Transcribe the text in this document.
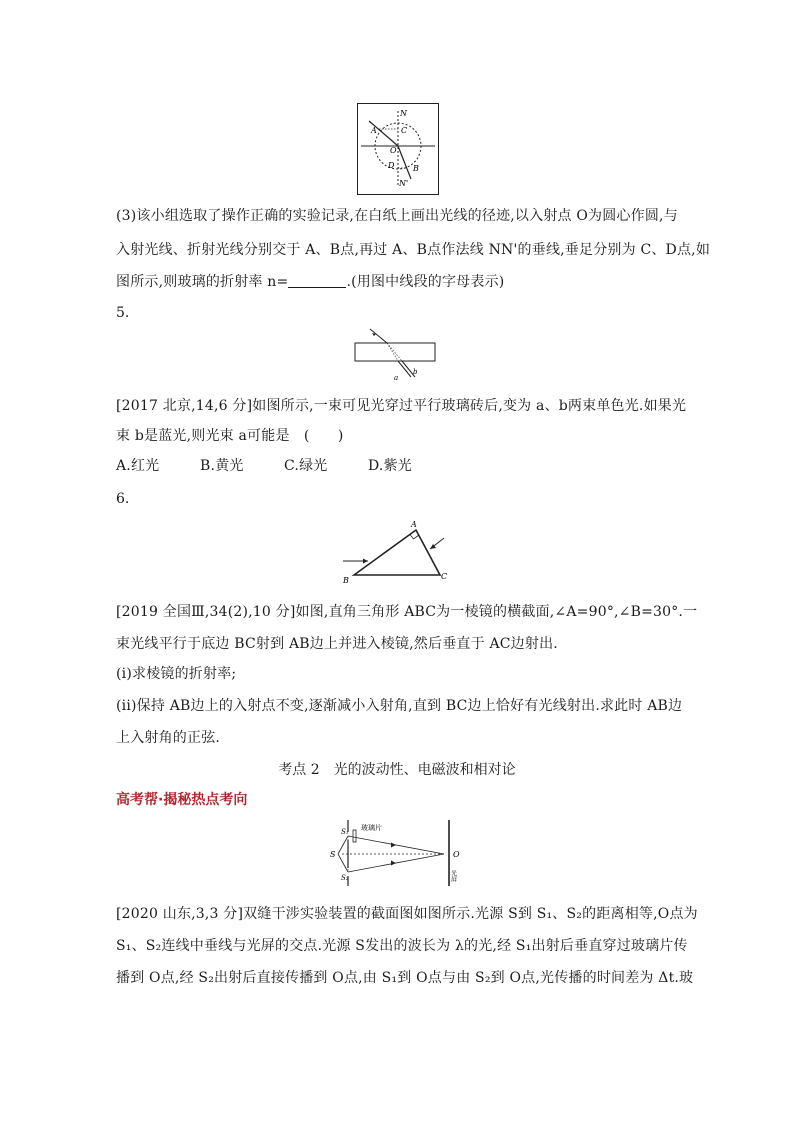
N
A	C
O
D B
N'
(3)该小组选取了操作正确的实验记录,在白纸上画出光线的径迹,以入射点 O为圆心作圆,与
入射光线、折射光线分别交于 A、B点,再过 A、B点作法线 NN'的垂线,垂足分别为 C、D点,如
图所示,则玻璃的折射率 n=	.(用图中线段的字母表示)
5.
a
b
[2017 北京,14,6 分]如图所示,一束可见光穿过平行玻璃砖后,变为 a、b两束单色光.如果光
束 b是蓝光,则光束 a可能是　(　　)
A.红光	B.黄光	C.绿光	D.紫光
6.
A
B	C
[2019 全国Ⅲ,34(2),10 分]如图,直角三角形 ABC为一棱镜的横截面,∠A=90°,∠B=30°.一
束光线平行于底边 BC射到 AB边上并进入棱镜,然后垂直于 AC边射出.
(i)求棱镜的折射率;
(ii)保持 AB边上的入射点不变,逐渐减小入射角,直到 BC边上恰好有光线射出.求此时 AB边
上入射角的正弦.
考点 2　光的波动性、电磁波和相对论
高考帮·揭秘热点考向
S
S₁
S₂
玻璃片
O
光屏
[2020 山东,3,3 分]双缝干涉实验装置的截面图如图所示.光源 S到 S₁、S₂的距离相等,O点为
S₁、S₂连线中垂线与光屏的交点.光源 S发出的波长为 λ的光,经 S₁出射后垂直穿过玻璃片传
播到 O点,经 S₂出射后直接传播到 O点,由 S₁到 O点与由 S₂到 O点,光传播的时间差为 Δt.玻
